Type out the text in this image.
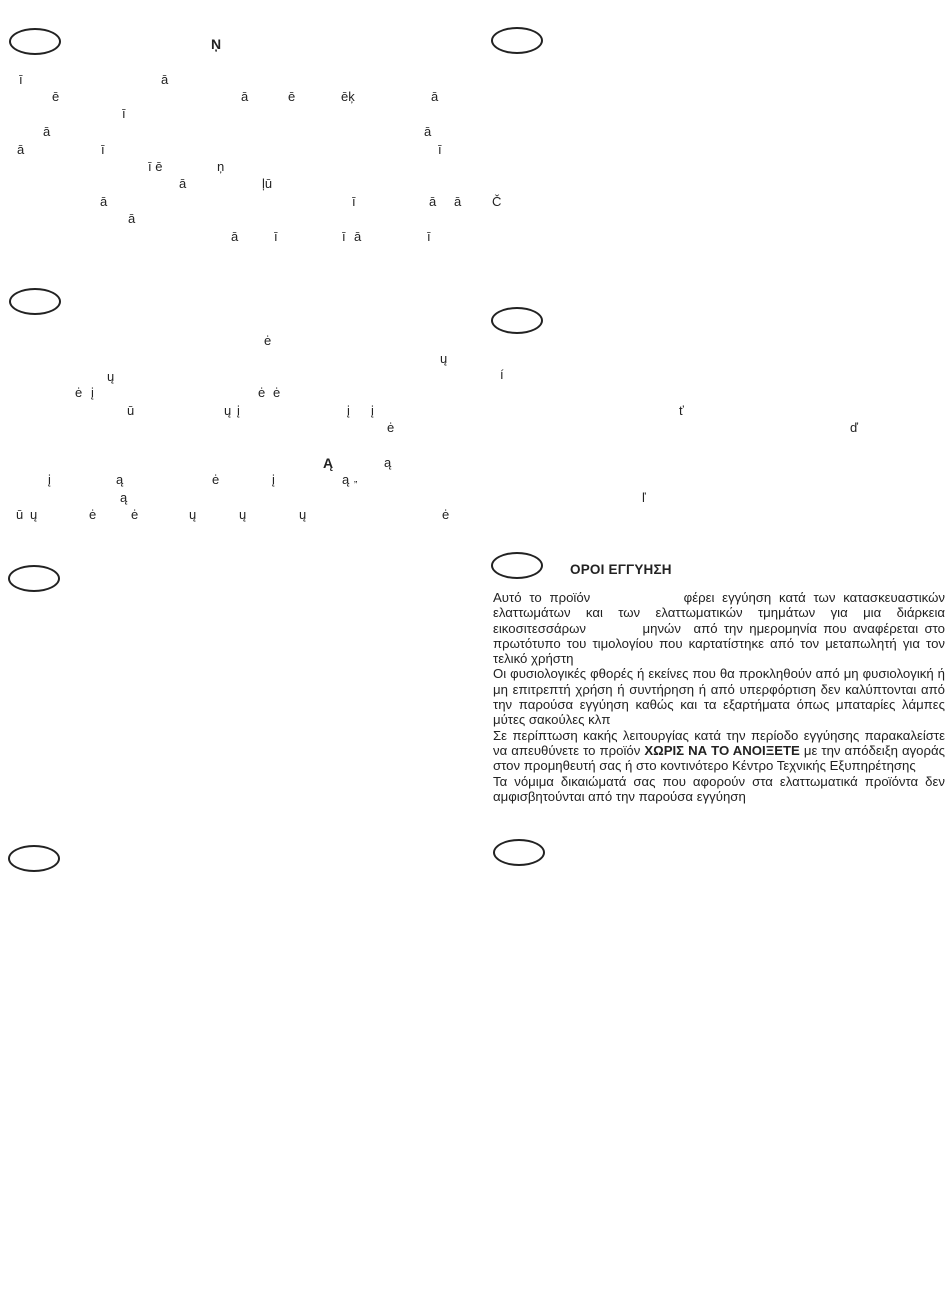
Ņ
ī	ā
ē	ā	ē	ēķ	ā
ī
ā	ā
ā	ī	ī
ī ē	ņ
ā	ļū
ā	ī	ā ā Č
ā
ā	ī	ī ā	ī
ė
ų
ų
ė į	ė ė
ū	ų į	į į
ė
Ą	ą
į	ą	ė	į	ą „
ą
ū ų	ė	ė	ų	ų	ų	ė
í
ť
ď
ľ
ΟΡΟΙ ΕΓΓΥΗΣΗ

Αυτό το προϊόν            φέρει εγγύηση κατά των κατασκευαστικών ελαττωμάτων και των ελαττωματικών τμημάτων για μια διάρκεια εικοσιτεσσάρων         μηνών  από την ημερομηνία που αναφέρεται στο πρωτότυπο του τιμολογίου που καρτατίστηκε από τον μεταπωλητή για τον τελικό χρήστη

Οι φυσιολογικές φθορές ή εκείνες που θα προκληθούν από μη φυσιολογική ή μη επιτρεπτή χρήση ή συντήρηση ή από υπερφόρτιση δεν καλύπτονται από την παρούσα εγγύηση καθώς και τα εξαρτήματα όπως μπαταρίες λάμπες μύτες σακούλες κλπ

Σε περίπτωση κακής λειτουργίας κατά την περίοδο εγγύησης παρακαλείστε να απευθύνετε το προϊόν ΧΩΡΙΣ ΝΑ ΤΟ ΑΝΟΙΞΕΤΕ με την απόδειξη αγοράς στον προμηθευτή σας ή στο κοντινότερο Κέντρο Τεχνικής Εξυπηρέτησης

Τα νόμιμα δικαιώματά σας που αφορούν στα ελαττωματικά προϊόντα δεν αμφισβητούνται από την παρούσα εγγύηση
